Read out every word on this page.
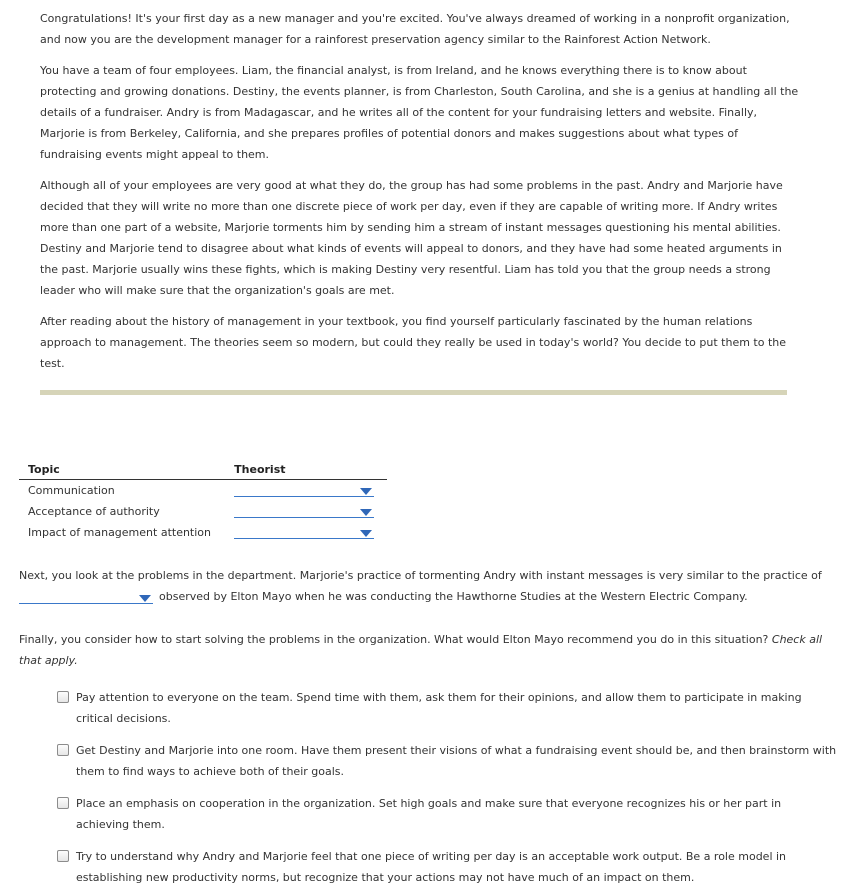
Congratulations! It's your first day as a new manager and you're excited. You've always dreamed of working in a nonprofit organization, and now you are the development manager for a rainforest preservation agency similar to the Rainforest Action Network.

You have a team of four employees. Liam, the financial analyst, is from Ireland, and he knows everything there is to know about protecting and growing donations. Destiny, the events planner, is from Charleston, South Carolina, and she is a genius at handling all the details of a fundraiser. Andry is from Madagascar, and he writes all of the content for your fundraising letters and website. Finally, Marjorie is from Berkeley, California, and she prepares profiles of potential donors and makes suggestions about what types of fundraising events might appeal to them.

Although all of your employees are very good at what they do, the group has had some problems in the past. Andry and Marjorie have decided that they will write no more than one discrete piece of work per day, even if they are capable of writing more. If Andry writes more than one part of a website, Marjorie torments him by sending him a stream of instant messages questioning his mental abilities. Destiny and Marjorie tend to disagree about what kinds of events will appeal to donors, and they have had some heated arguments in the past. Marjorie usually wins these fights, which is making Destiny very resentful. Liam has told you that the group needs a strong leader who will make sure that the organization's goals are met.

After reading about the history of management in your textbook, you find yourself particularly fascinated by the human relations approach to management. The theories seem so modern, but could they really be used in today's world? You decide to put them to the test.

Topic	Theorist
Communication	

Acceptance of authority	

Impact of management attention	
Next, you look at the problems in the department. Marjorie's practice of tormenting Andry with instant messages is very similar to the practice of

observed by Elton Mayo when he was conducting the Hawthorne Studies at the Western Electric Company.
Finally, you consider how to start solving the problems in the organization. What would Elton Mayo recommend you do in this situation? Check all that apply.
Pay attention to everyone on the team. Spend time with them, ask them for their opinions, and allow them to participate in making critical decisions.
Get Destiny and Marjorie into one room. Have them present their visions of what a fundraising event should be, and then brainstorm with them to find ways to achieve both of their goals.
Place an emphasis on cooperation in the organization. Set high goals and make sure that everyone recognizes his or her part in achieving them.
Try to understand why Andry and Marjorie feel that one piece of writing per day is an acceptable work output. Be a role model in establishing new productivity norms, but recognize that your actions may not have much of an impact on them.
